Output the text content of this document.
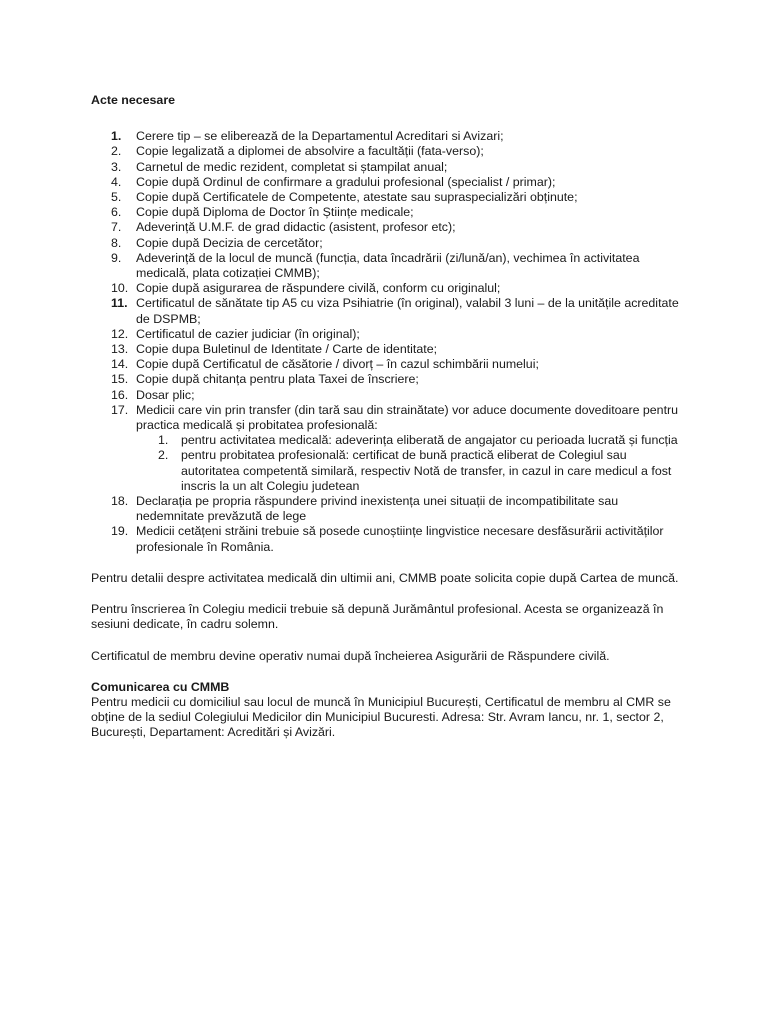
Acte necesare

1. Cerere tip – se eliberează de la Departamentul Acreditari si Avizari;
2. Copie legalizată a diplomei de absolvire a facultății (fata-verso);
3. Carnetul de medic rezident, completat si ștampilat anual;
4. Copie după Ordinul de confirmare a gradului profesional (specialist / primar);
5. Copie după Certificatele de Competente, atestate sau supraspecializări obținute;
6. Copie după Diploma de Doctor în Științe medicale;
7. Adeverință U.M.F. de grad didactic (asistent, profesor etc);
8. Copie după Decizia de cercetător;
9. Adeverință de la locul de muncă (funcția, data încadrării (zi/lună/an), vechimea în activitatea medicală, plata cotizației CMMB);
10. Copie după asigurarea de răspundere civilă, conform cu originalul;
11. Certificatul de sănătate tip A5 cu viza Psihiatrie (în original), valabil 3 luni – de la unitățile acreditate de DSPMB;
12. Certificatul de cazier judiciar (în original);
13. Copie dupa Buletinul de Identitate / Carte de identitate;
14. Copie după Certificatul de căsătorie / divorț – în cazul schimbării numelui;
15. Copie după chitanța pentru plata Taxei de înscriere;
16. Dosar plic;
17. Medicii care vin prin transfer (din tară sau din strainătate) vor aduce documente doveditoare pentru practica medicală și probitatea profesională:
1. pentru activitatea medicală: adeverința eliberată de angajator cu perioada lucrată și funcția
2. pentru probitatea profesională: certificat de bună practică eliberat de Colegiul sau autoritatea competentă similară, respectiv Notă de transfer, in cazul in care medicul a fost inscris la un alt Colegiu judetean
18. Declarația pe propria răspundere privind inexistența unei situații de incompatibilitate sau nedemnitate prevăzută de lege
19. Medicii cetățeni străini trebuie să posede cunoștiințe lingvistice necesare desfăsurării activităților profesionale în România.

Pentru detalii despre activitatea medicală din ultimii ani, CMMB poate solicita copie după Cartea de muncă.

Pentru înscrierea în Colegiu medicii trebuie să depună Jurământul profesional. Acesta se organizează în sesiuni dedicate, în cadru solemn.

Certificatul de membru devine operativ numai după încheierea Asigurării de Răspundere civilă.

Comunicarea cu CMMB

Pentru medicii cu domiciliul sau locul de muncă în Municipiul București, Certificatul de membru al CMR se obține de la sediul Colegiului Medicilor din Municipiul Bucuresti. Adresa: Str. Avram Iancu, nr. 1, sector 2, București, Departament: Acreditări și Avizări.
